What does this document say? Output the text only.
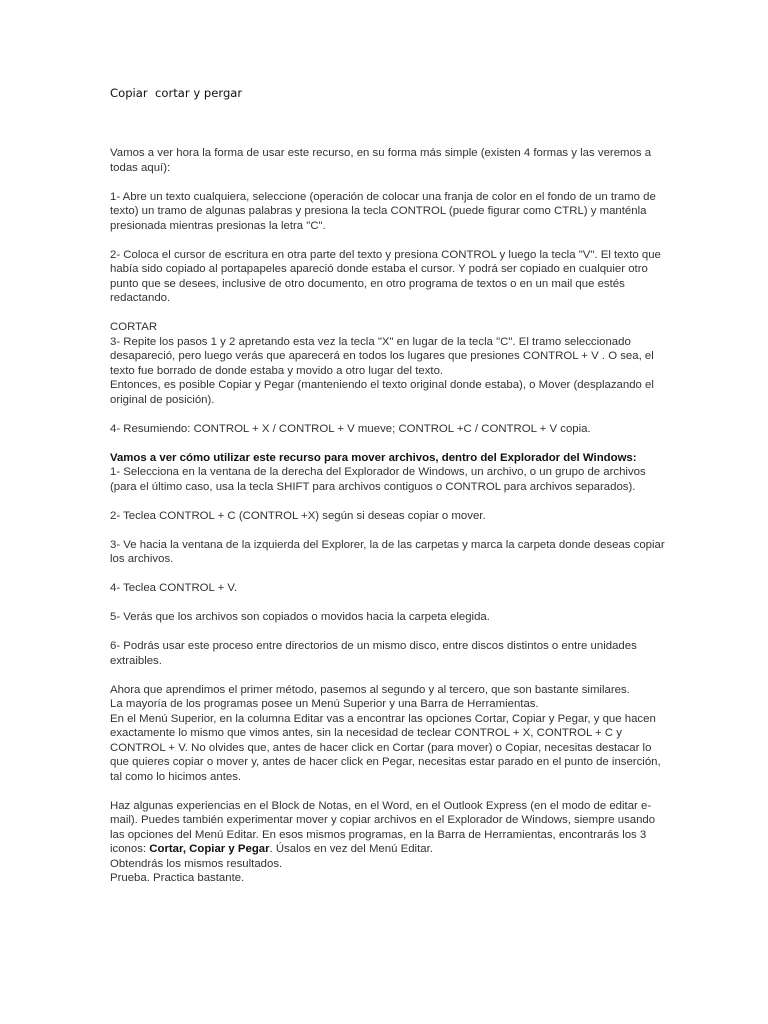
Copiar  cortar y pergar

Vamos a ver hora la forma de usar este recurso, en su forma más simple (existen 4 formas y las veremos a todas aquí):

1- Abre un texto cualquiera, seleccione (operación de colocar una franja de color en el fondo de un tramo de texto) un tramo de algunas palabras y presiona la tecla CONTROL (puede figurar como CTRL) y manténla presionada mientras presionas la letra "C".

2- Coloca el cursor de escritura en otra parte del texto y presiona CONTROL y luego la tecla "V". El texto que había sido copiado al portapapeles apareció donde estaba el cursor. Y podrá ser copiado en cualquier otro punto que se desees, inclusive de otro documento, en otro programa de textos o en un mail que estés redactando.

CORTAR

3- Repite los pasos 1 y 2 apretando esta vez la tecla "X" en lugar de la tecla "C". El tramo seleccionado desapareció, pero luego verás que aparecerá en todos los lugares que presiones CONTROL + V . O sea, el texto fue borrado de donde estaba y movido a otro lugar del texto.

Entonces, es posible Copiar y Pegar (manteniendo el texto original donde estaba), o Mover (desplazando el original de posición).

4- Resumiendo: CONTROL + X / CONTROL + V mueve; CONTROL +C / CONTROL + V copia.

Vamos a ver cómo utilizar este recurso para mover archivos, dentro del Explorador del Windows:

1- Selecciona en la ventana de la derecha del Explorador de Windows, un archivo, o un grupo de archivos (para el último caso, usa la tecla SHIFT para archivos contiguos o CONTROL para archivos separados).

2- Teclea CONTROL + C (CONTROL +X) según si deseas copiar o mover.

3- Ve hacia la ventana de la izquierda del Explorer, la de las carpetas y marca la carpeta donde deseas copiar los archivos.

4- Teclea CONTROL + V.

5- Verás que los archivos son copiados o movidos hacia la carpeta elegida.

6- Podrás usar este proceso entre directorios de un mismo disco, entre discos distintos o entre unidades extraibles.

Ahora que aprendimos el primer método, pasemos al segundo y al tercero, que son bastante similares.

La mayoría de los programas posee un Menú Superior y una Barra de Herramientas.

En el Menú Superior, en la columna Editar vas a encontrar las opciones Cortar, Copiar y Pegar, y que hacen exactamente lo mismo que vimos antes, sin la necesidad de teclear CONTROL + X, CONTROL + C y CONTROL + V. No olvides que, antes de hacer click en Cortar (para mover) o Copiar, necesitas destacar lo que quieres copiar o mover y, antes de hacer click en Pegar, necesitas estar parado en el punto de inserción, tal como lo hicimos antes.

Haz algunas experiencias en el Block de Notas, en el Word, en el Outlook Express (en el modo de editar e-mail). Puedes también experimentar mover y copiar archivos en el Explorador de Windows, siempre usando las opciones del Menú Editar. En esos mismos programas, en la Barra de Herramientas, encontrarás los 3 iconos: Cortar, Copiar y Pegar. Úsalos en vez del Menú Editar.

Obtendrás los mismos resultados.

Prueba. Practica bastante.
